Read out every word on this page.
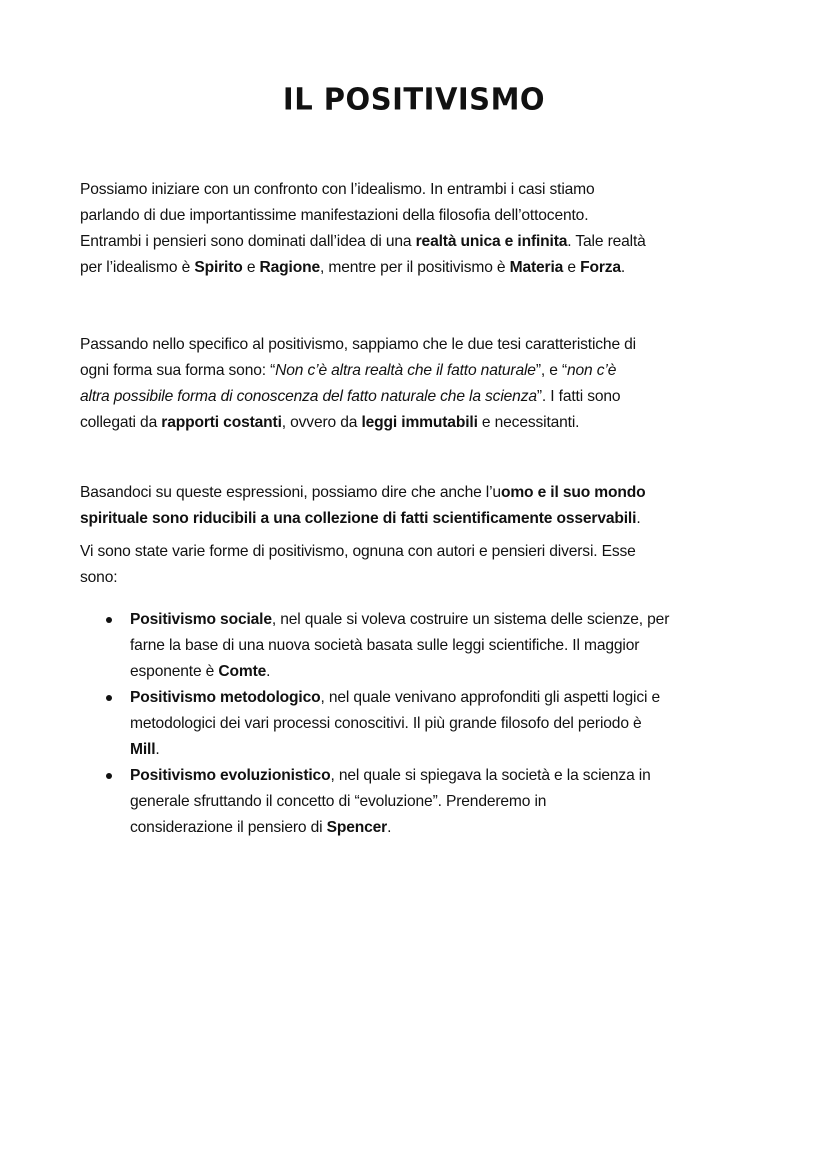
IL POSITIVISMO
Possiamo iniziare con un confronto con l’idealismo. In entrambi i casi stiamo
parlando di due importantissime manifestazioni della filosofia dell’ottocento.
Entrambi i pensieri sono dominati dall’idea di una realtà unica e infinita. Tale realtà
per l’idealismo è Spirito e Ragione, mentre per il positivismo è Materia e Forza.
Passando nello specifico al positivismo, sappiamo che le due tesi caratteristiche di
ogni forma sua forma sono: “Non c’è altra realtà che il fatto naturale”, e “non c’è
altra possibile forma di conoscenza del fatto naturale che la scienza”. I fatti sono
collegati da rapporti costanti, ovvero da leggi immutabili e necessitanti.
Basandoci su queste espressioni, possiamo dire che anche l’uomo e il suo mondo
spirituale sono riducibili a una collezione di fatti scientificamente osservabili.
Vi sono state varie forme di positivismo, ognuna con autori e pensieri diversi. Esse
sono:
Positivismo sociale, nel quale si voleva costruire un sistema delle scienze, per
farne la base di una nuova società basata sulle leggi scientifiche. Il maggior
esponente è Comte.
Positivismo metodologico, nel quale venivano approfonditi gli aspetti logici e
metodologici dei vari processi conoscitivi. Il più grande filosofo del periodo è
Mill.
Positivismo evoluzionistico, nel quale si spiegava la società e la scienza in
generale sfruttando il concetto di “evoluzione”. Prenderemo in
considerazione il pensiero di Spencer.
